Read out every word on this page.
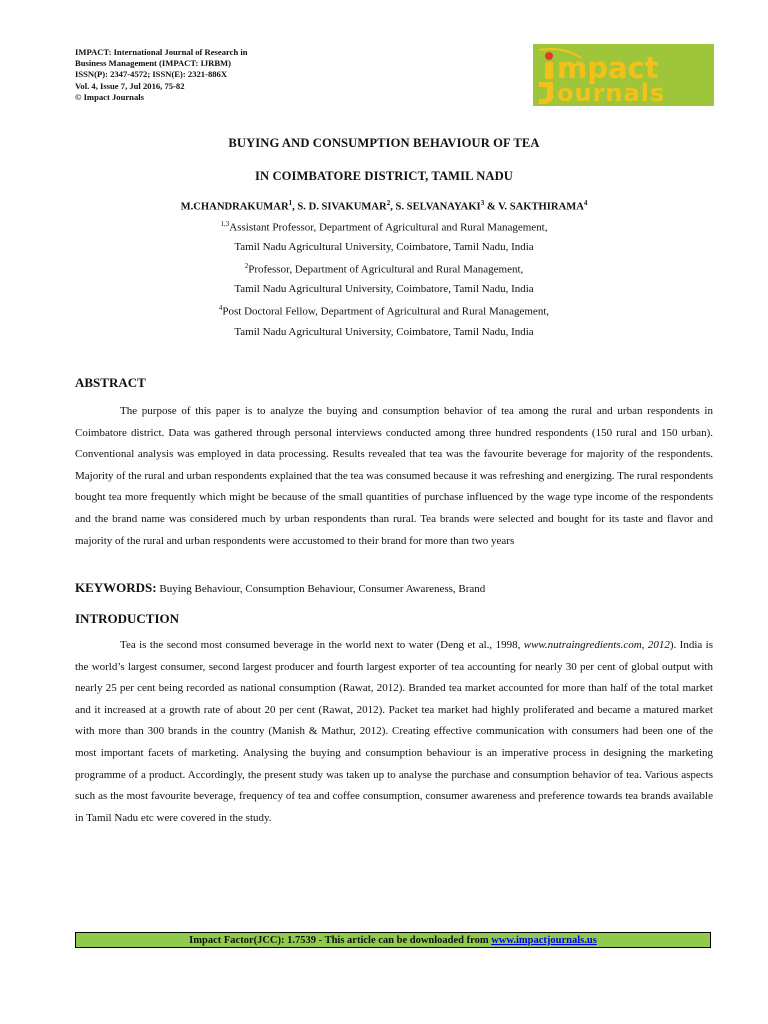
IMPACT: International Journal of Research in
Business Management (IMPACT: IJRBM)
ISSN(P): 2347-4572; ISSN(E): 2321-886X
Vol. 4, Issue 7, Jul 2016, 75-82
© Impact Journals
mpact
ournals
BUYING AND CONSUMPTION BEHAVIOUR OF TEA
IN COIMBATORE DISTRICT, TAMIL NADU
M.CHANDRAKUMAR$^1$, S. D. SIVAKUMAR$^2$, S. SELVANAYAKI$^3$ & V. SAKTHIRAMA$^4$
$^{1,3}$Assistant Professor, Department of Agricultural and Rural Management,
Tamil Nadu Agricultural University, Coimbatore, Tamil Nadu, India
$^2$Professor, Department of Agricultural and Rural Management,
Tamil Nadu Agricultural University, Coimbatore, Tamil Nadu, India
$^4$Post Doctoral Fellow, Department of Agricultural and Rural Management,
Tamil Nadu Agricultural University, Coimbatore, Tamil Nadu, India
ABSTRACT

The purpose of this paper is to analyze the buying and consumption behavior of tea among the rural and urban respondents in Coimbatore district. Data was gathered through personal interviews conducted among three hundred respondents (150 rural and 150 urban). Conventional analysis was employed in data processing. Results revealed that tea was the favourite beverage for majority of the respondents. Majority of the rural and urban respondents explained that the tea was consumed because it was refreshing and energizing. The rural respondents bought tea more frequently which might be because of the small quantities of purchase influenced by the wage type income of the respondents and the brand name was considered much by urban respondents than rural. Tea brands were selected and bought for its taste and flavor and majority of the rural and urban respondents were accustomed to their brand for more than two years

KEYWORDS: Buying Behaviour, Consumption Behaviour, Consumer Awareness, Brand
INTRODUCTION

Tea is the second most consumed beverage in the world next to water (Deng et al., 1998, www.nutraingredients.com, 2012). India is the world’s largest consumer, second largest producer and fourth largest exporter of tea accounting for nearly 30 per cent of global output with nearly 25 per cent being recorded as national consumption (Rawat, 2012). Branded tea market accounted for more than half of the total market and it increased at a growth rate of about 20 per cent (Rawat, 2012). Packet tea market had highly proliferated and became a matured market with more than 300 brands in the country (Manish & Mathur, 2012). Creating effective communication with consumers had been one of the most important facets of marketing. Analysing the buying and consumption behaviour is an imperative process in designing the marketing programme of a product. Accordingly, the present study was taken up to analyse the purchase and consumption behavior of tea. Various aspects such as the most favourite beverage, frequency of tea and coffee consumption, consumer awareness and preference towards tea brands available in Tamil Nadu etc were covered in the study.

Impact Factor(JCC): 1.7539 - This article can be downloaded from www.impactjournals.us
